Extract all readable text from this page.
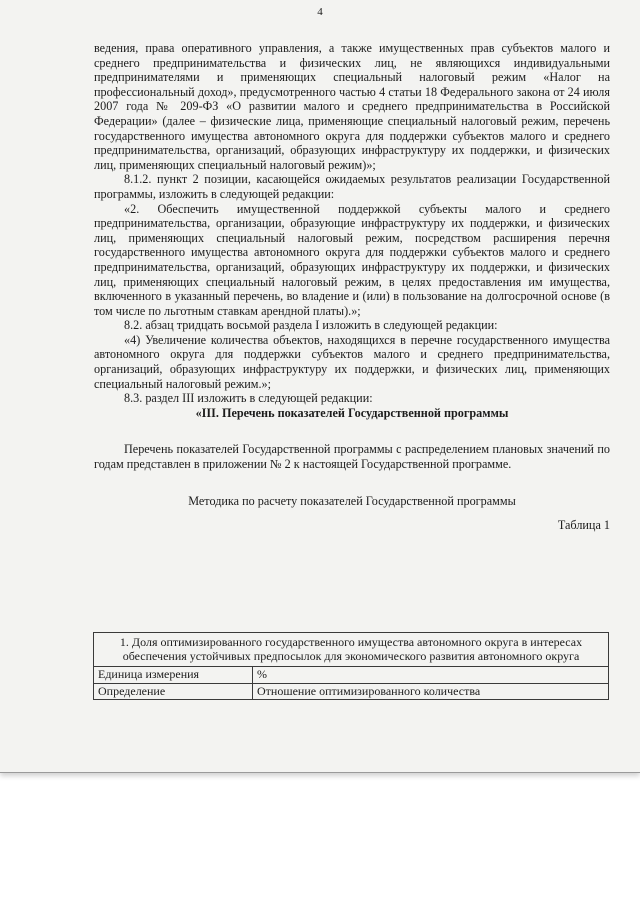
4

ведения, права оперативного управления, а также имущественных прав субъектов малого и среднего предпринимательства и физических лиц, не являющихся индивидуальными предпринимателями и применяющих специальный налоговый режим «Налог на профессиональный доход», предусмотренного частью 4 статьи 18 Федерального закона от 24 июля 2007 года № 209-ФЗ «О развитии малого и среднего предпринимательства в Российской Федерации» (далее – физические лица, применяющие специальный налоговый режим, перечень государственного имущества автономного округа для поддержки субъектов малого и среднего предпринимательства, организаций, образующих инфраструктуру их поддержки, и физических лиц, применяющих специальный налоговый режим)»;

8.1.2. пункт 2 позиции, касающейся ожидаемых результатов реализации Государственной программы, изложить в следующей редакции:

«2. Обеспечить имущественной поддержкой субъекты малого и среднего предпринимательства, организации, образующие инфраструктуру их поддержки, и физических лиц, применяющих специальный налоговый режим, посредством расширения перечня государственного имущества автономного округа для поддержки субъектов малого и среднего предпринимательства, организаций, образующих инфраструктуру их поддержки, и физических лиц, применяющих специальный налоговый режим, в целях предоставления им имущества, включенного в указанный перечень, во владение и (или) в пользование на долгосрочной основе (в том числе по льготным ставкам арендной платы).»;

8.2. абзац тридцать восьмой раздела I изложить в следующей редакции:

«4) Увеличение количества объектов, находящихся в перечне государственного имущества автономного округа для поддержки субъектов малого и среднего предпринимательства, организаций, образующих инфраструктуру их поддержки, и физических лиц, применяющих специальный налоговый режим.»;

8.3. раздел III изложить в следующей редакции:

«III. Перечень показателей Государственной программы

Перечень показателей Государственной программы с распределением плановых значений по годам представлен в приложении № 2 к настоящей Государственной программе.

Методика по расчету показателей Государственной программы

Таблица 1

1. Доля оптимизированного государственного имущества автономного округа в интересах обеспечения устойчивых предпосылок для экономического развития автономного округа	
Единица измерения	%
Определение	Отношение оптимизированного количества
